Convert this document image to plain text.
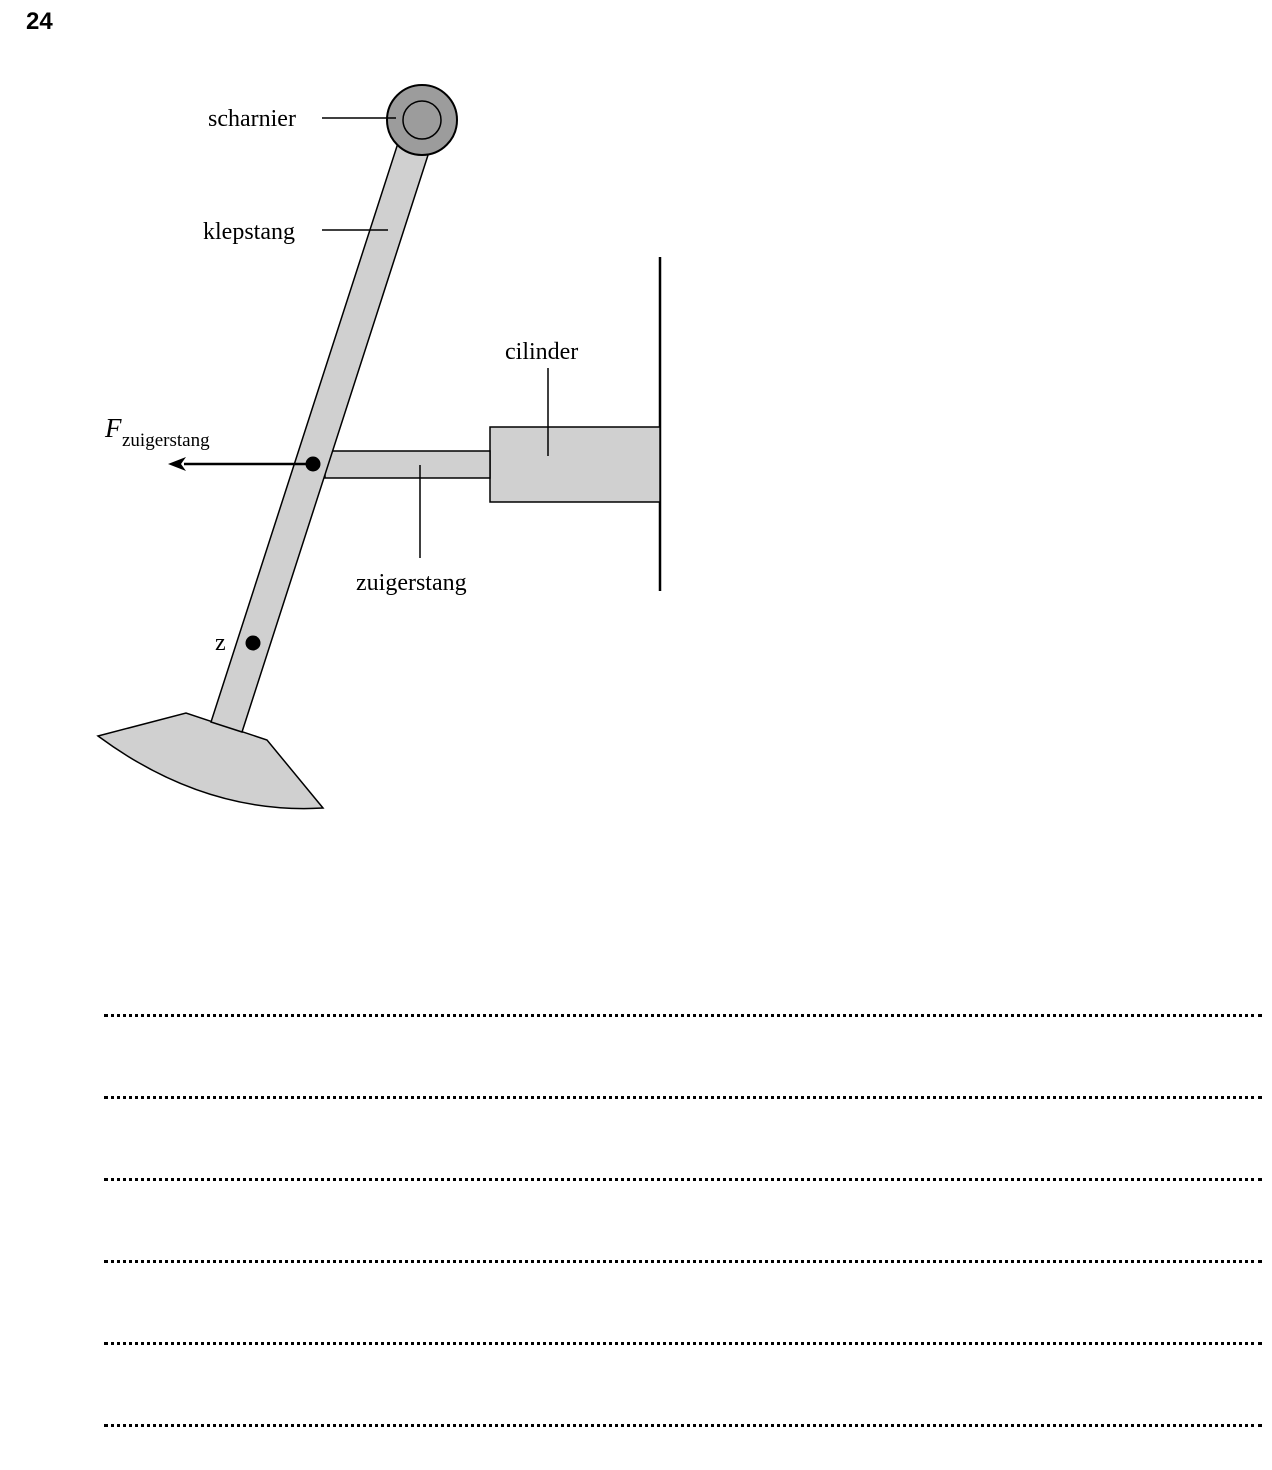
24
scharnier
klepstang
cilinder
zuigerstang
F zuigerstang
z
